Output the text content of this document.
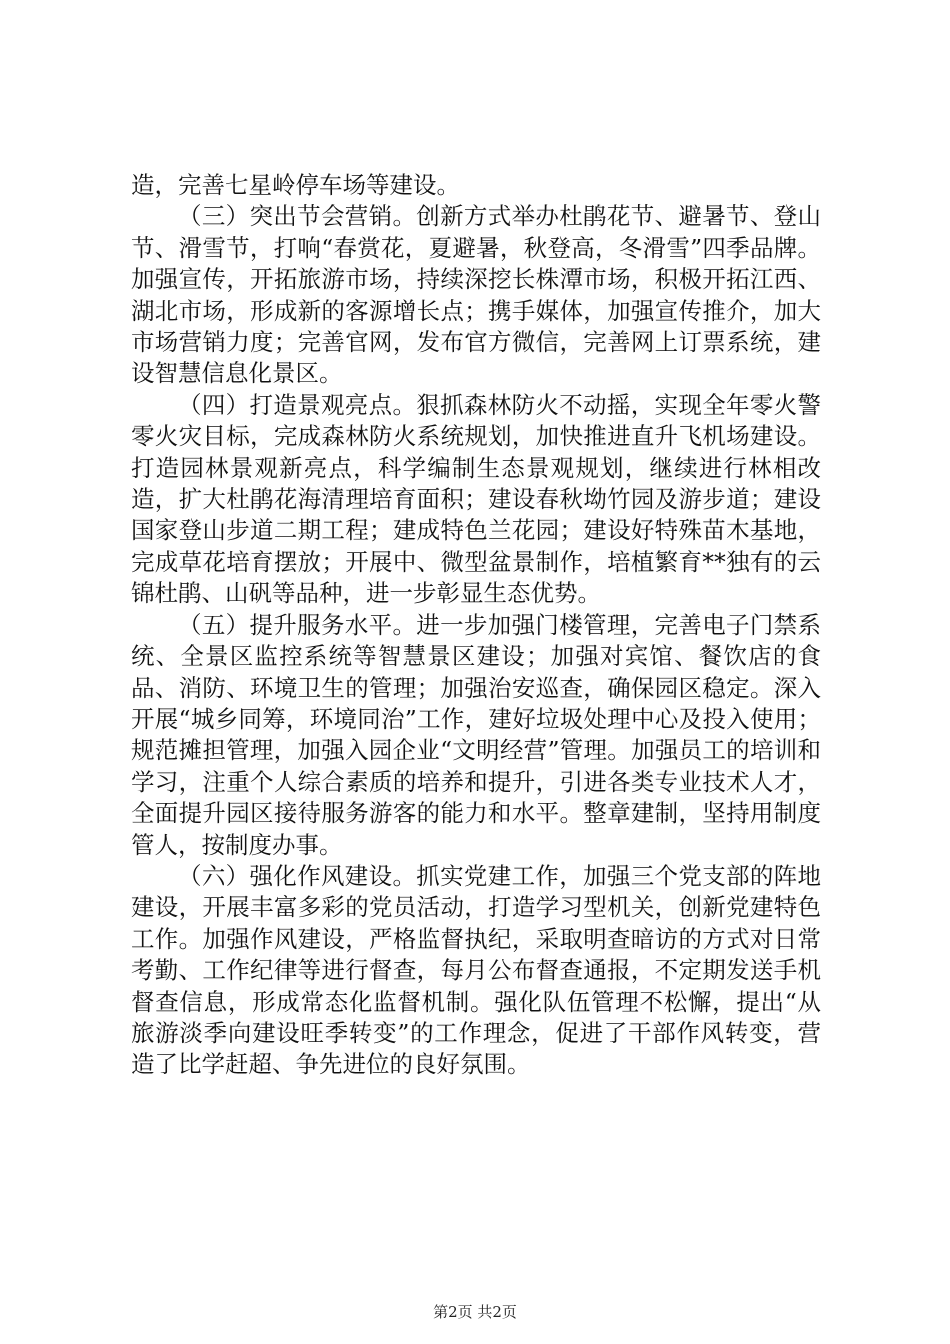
造，完善七星岭停车场等建设。

（三）突出节会营销。创新方式举办杜鹃花节、避暑节、登山节、滑雪节，打响“春赏花，夏避暑，秋登高，冬滑雪”四季品牌。加强宣传，开拓旅游市场，持续深挖长株潭市场，积极开拓江西、湖北市场，形成新的客源增长点；携手媒体，加强宣传推介，加大市场营销力度；完善官网，发布官方微信，完善网上订票系统，建设智慧信息化景区。

（四）打造景观亮点。狠抓森林防火不动摇，实现全年零火警零火灾目标，完成森林防火系统规划，加快推进直升飞机场建设。打造园林景观新亮点，科学编制生态景观规划，继续进行林相改造，扩大杜鹃花海清理培育面积；建设春秋坳竹园及游步道；建设国家登山步道二期工程；建成特色兰花园；建设好特殊苗木基地，完成草花培育摆放；开展中、微型盆景制作，培植繁育**独有的云锦杜鹃、山矾等品种，进一步彰显生态优势。

（五）提升服务水平。进一步加强门楼管理，完善电子门禁系统、全景区监控系统等智慧景区建设；加强对宾馆、餐饮店的食品、消防、环境卫生的管理；加强治安巡查，确保园区稳定。深入开展“城乡同筹，环境同治”工作，建好垃圾处理中心及投入使用；规范摊担管理，加强入园企业“文明经营”管理。加强员工的培训和学习，注重个人综合素质的培养和提升，引进各类专业技术人才，全面提升园区接待服务游客的能力和水平。整章建制，坚持用制度管人，按制度办事。

（六）强化作风建设。抓实党建工作，加强三个党支部的阵地建设，开展丰富多彩的党员活动，打造学习型机关，创新党建特色工作。加强作风建设，严格监督执纪，采取明查暗访的方式对日常考勤、工作纪律等进行督查，每月公布督查通报，不定期发送手机督查信息，形成常态化监督机制。强化队伍管理不松懈，提出“从旅游淡季向建设旺季转变”的工作理念，促进了干部作风转变，营造了比学赶超、争先进位的良好氛围。

第2页 共2页
